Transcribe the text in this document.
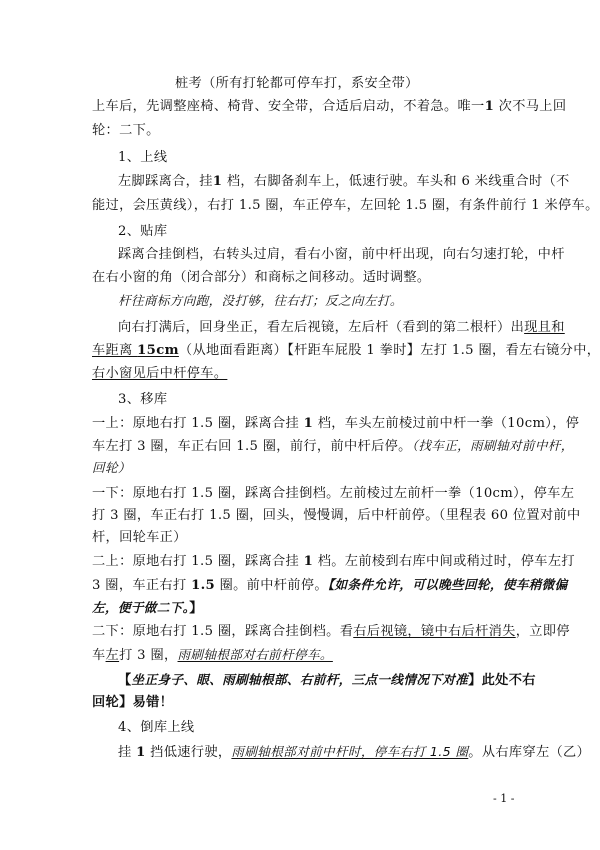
桩考（所有打轮都可停车打，系安全带）
上车后，先调整座椅、椅背、安全带，合适后启动，不着急。唯一1 次不马上回
轮：二下。
1、上线
左脚踩离合，挂1 档，右脚备刹车上，低速行驶。车头和 6 米线重合时（不
能过，会压黄线），右打 1.5 圈，车正停车，左回轮 1.5 圈，有条件前行 1 米停车。
2、贴库
踩离合挂倒档，右转头过肩，看右小窗，前中杆出现，向右匀速打轮，中杆
在右小窗的角（闭合部分）和商标之间移动。适时调整。
杆往商标方向跑，没打够，往右打；反之向左打。
向右打满后，回身坐正，看左后视镜，左后杆（看到的第二根杆）出现且和
车距离 15cm（从地面看距离）【杆距车屁股 1 拳时】左打 1.5 圈，看左右镜分中，
右小窗见后中杆停车。
3、移库
一上：原地右打 1.5 圈，踩离合挂 1 档，车头左前棱过前中杆一拳（10cm），停
车左打 3 圈，车正右回 1.5 圈，前行，前中杆后停。（找车正，雨刷轴对前中杆，
回轮）
一下：原地右打 1.5 圈，踩离合挂倒档。左前棱过左前杆一拳（10cm），停车左
打 3 圈，车正右打 1.5 圈，回头，慢慢调，后中杆前停。（里程表 60 位置对前中
杆，回轮车正）
二上：原地右打 1.5 圈，踩离合挂 1 档。左前棱到右库中间或稍过时，停车左打
3 圈，车正右打 1.5 圈。前中杆前停。【如条件允许，可以晚些回轮，使车稍微偏
左，便于做二下。】
二下：原地右打 1.5 圈，踩离合挂倒档。看右后视镜，镜中右后杆消失，立即停
车左打 3 圈，雨刷轴根部对右前杆停车。
【坐正身子、眼、雨刷轴根部、右前杆，三点一线情况下对准】此处不右
回轮】易错！
4、倒库上线
挂 1 挡低速行驶，雨刷轴根部对前中杆时，停车右打 1.5 圈。从右库穿左（乙）
- 1 -
